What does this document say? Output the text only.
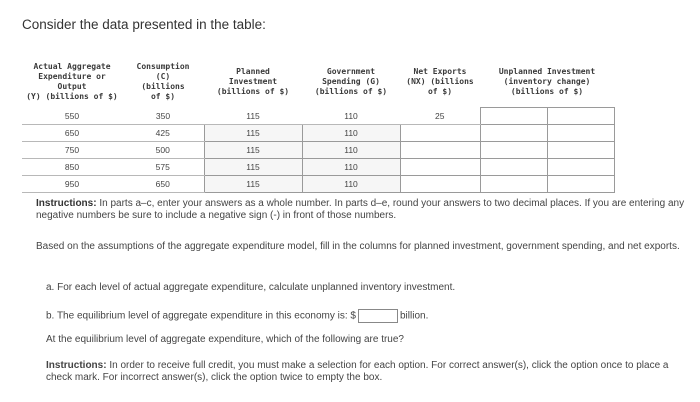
Consider the data presented in the table:
Actual Aggregate
Expenditure or Output
(Y) (billions of $)	Consumption
(C)
(billions
of $)	Planned
Investment
(billions of $)	Government
Spending (G)
(billions of $)	Net Exports
(NX) (billions
of $)	Unplanned Investment
(inventory change)
(billions of $)
550	350	115	110	25	

650	425	115	110		

750	500	115	110		

850	575	115	110		

950	650	115	110		
Instructions: In parts a–c, enter your answers as a whole number. In parts d–e, round your answers to two decimal places. If you are entering any negative numbers be sure to include a negative sign (-) in front of those numbers.
Based on the assumptions of the aggregate expenditure model, fill in the columns for planned investment, government spending, and net exports.
a. For each level of actual aggregate expenditure, calculate unplanned inventory investment.
b. The equilibrium level of aggregate expenditure in this economy is: $	billion.
At the equilibrium level of aggregate expenditure, which of the following are true?
Instructions: In order to receive full credit, you must make a selection for each option. For correct answer(s), click the option once to place a check mark. For incorrect answer(s), click the option twice to empty the box.
